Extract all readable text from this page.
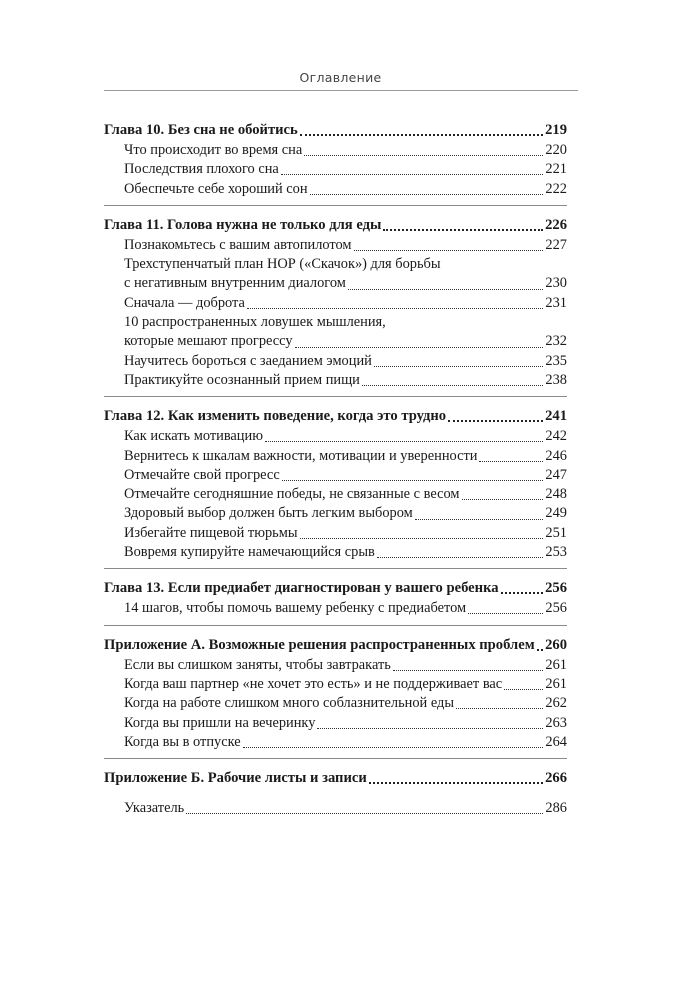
Оглавление
Глава 10. Без сна не обойтись	219
Что происходит во время сна	220
Последствия плохого сна	221
Обеспечьте себе хороший сон	222
Глава 11. Голова нужна не только для еды	226
Познакомьтесь с вашим автопилотом	227
Трехступенчатый план НОР («Скачок») для борьбы
с негативным внутренним диалогом	230
Сначала — доброта	231
10 распространенных ловушек мышления,
которые мешают прогрессу	232
Научитесь бороться с заеданием эмоций	235
Практикуйте осознанный прием пищи	238
Глава 12. Как изменить поведение, когда это трудно	241
Как искать мотивацию	242
Вернитесь к шкалам важности, мотивации и уверенности	246
Отмечайте свой прогресс	247
Отмечайте сегодняшние победы, не связанные с весом	248
Здоровый выбор должен быть легким выбором	249
Избегайте пищевой тюрьмы	251
Вовремя купируйте намечающийся срыв	253
Глава 13. Если предиабет диагностирован у вашего ребенка	256
14 шагов, чтобы помочь вашему ребенку с предиабетом	256
Приложение А. Возможные решения распространенных проблем 260
Если вы слишком заняты, чтобы завтракать	261
Когда ваш партнер «не хочет это есть» и не поддерживает вас	261
Когда на работе слишком много соблазнительной еды	262
Когда вы пришли на вечеринку	263
Когда вы в отпуске	264
Приложение Б. Рабочие листы и записи	266
Указатель	286
